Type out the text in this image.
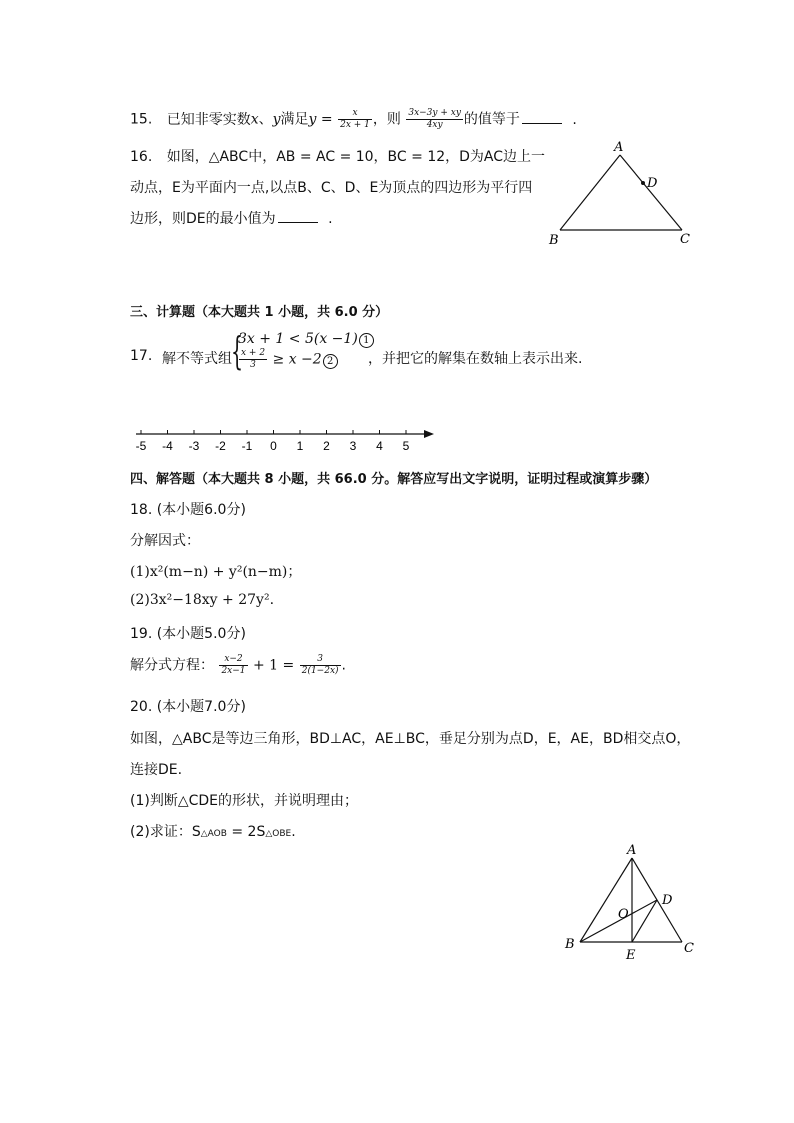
15. 已知非零实数x、y满足$y = \frac{x}{2x + 1}$ ，则 $\frac{3x-3y + xy}{4xy}$ 的值等于	.
16. 如图，△ABC中，AB = AC = 10，BC = 12，D为AC边上一
动点，E为平面内一点,以点B、C、D、E为顶点的四边形为平行四
边形，则DE的最小值为	.
A
D
B	C
三、计算题（本大题共 1 小题，共 6.0 分）
17. 解不等式组 {
3x + 1 < 5(x −1) 1
$\frac{x + 2}{3} \ge x -2$ 2	，并把它的解集在数轴上表示出来.
-5 -4 -3 -2 -1 0 1 2 3 4 5
四、解答题（本大题共 8 小题，共 66.0 分。解答应写出文字说明，证明过程或演算步骤）
18. (本小题6.0分)
分解因式：
(1)x²(m−n) + y²(n−m)；
(2)3x²−18xy + 27y².
19. (本小题5.0分)
解分式方程： $\frac{x-2}{2x-1} + 1 = \frac{3}{2(1-2x)}$ .
20. (本小题7.0分)
如图，△ABC是等边三角形，BD⊥AC，AE⊥BC，垂足分别为点D，E，AE，BD相交点O，
连接DE.
(1)判断△CDE的形状，并说明理由；
(2)求证：S△AOB = 2S△OBE.
A
D
O
B
E	C
